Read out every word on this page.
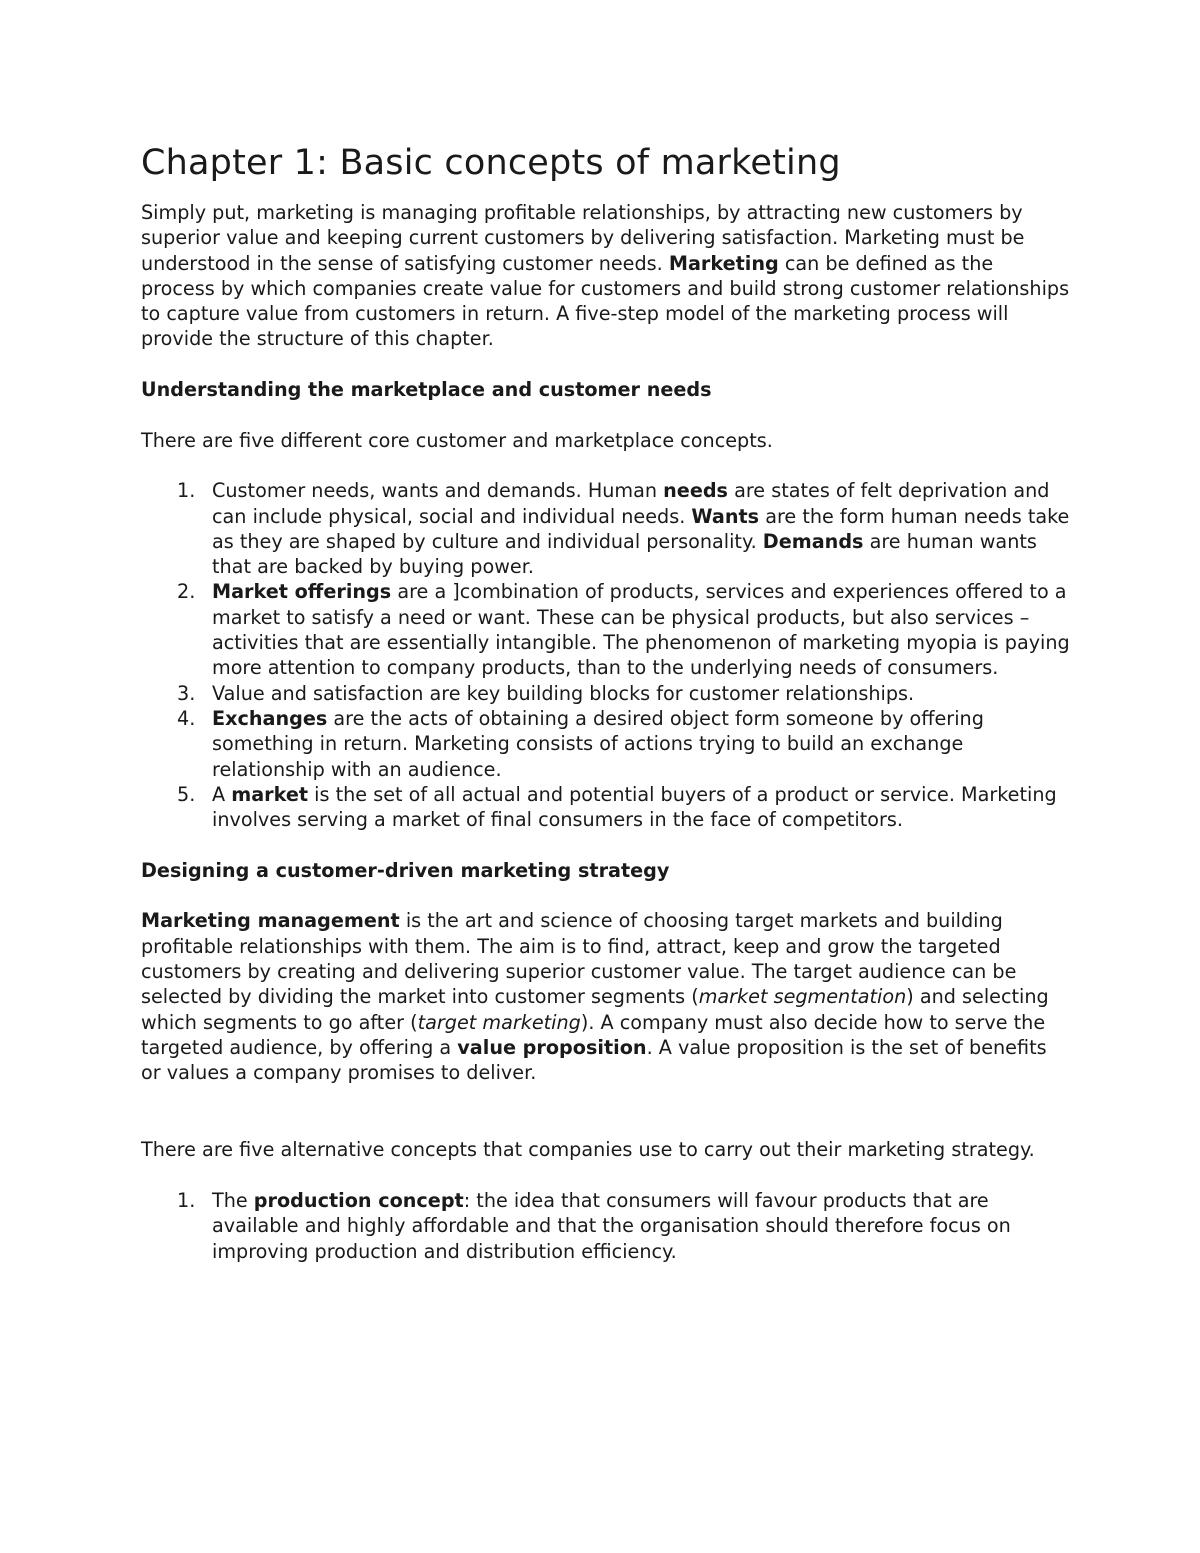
Chapter 1: Basic concepts of marketing

Simply put, marketing is managing profitable relationships, by attracting new customers by superior value and keeping current customers by delivering satisfaction. Marketing must be understood in the sense of satisfying customer needs. Marketing can be defined as the process by which companies create value for customers and build strong customer relationships to capture value from customers in return. A five-step model of the marketing process will provide the structure of this chapter.

Understanding the marketplace and customer needs

There are five different core customer and marketplace concepts.

1. Customer needs, wants and demands. Human needs are states of felt deprivation and can include physical, social and individual needs. Wants are the form human needs take as they are shaped by culture and individual personality. Demands are human wants that are backed by buying power.
2. Market offerings are a ]combination of products, services and experiences offered to a market to satisfy a need or want. These can be physical products, but also services – activities that are essentially intangible. The phenomenon of marketing myopia is paying more attention to company products, than to the underlying needs of consumers.
3. Value and satisfaction are key building blocks for customer relationships.
4. Exchanges are the acts of obtaining a desired object form someone by offering something in return. Marketing consists of actions trying to build an exchange relationship with an audience.
5. A market is the set of all actual and potential buyers of a product or service. Marketing involves serving a market of final consumers in the face of competitors.
Designing a customer-driven marketing strategy

Marketing management is the art and science of choosing target markets and building profitable relationships with them. The aim is to find, attract, keep and grow the targeted customers by creating and delivering superior customer value. The target audience can be selected by dividing the market into customer segments (market segmentation) and selecting which segments to go after (target marketing). A company must also decide how to serve the targeted audience, by offering a value proposition. A value proposition is the set of benefits or values a company promises to deliver.

There are five alternative concepts that companies use to carry out their marketing strategy.

1. The production concept: the idea that consumers will favour products that are available and highly affordable and that the organisation should therefore focus on improving production and distribution efficiency.
